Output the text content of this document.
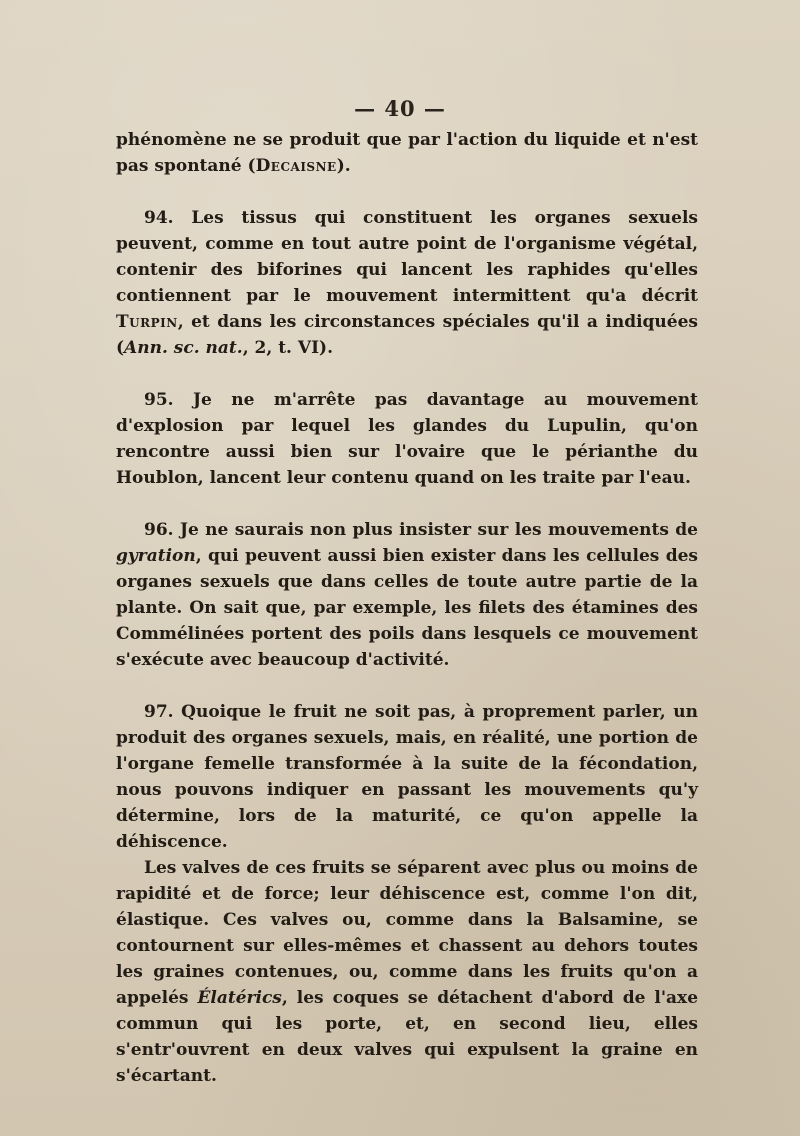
— 40 —

phénomène ne se produit que par l'action du liquide et n'est pas spontané (Decaisne).

94. Les tissus qui constituent les organes sexuels peuvent, comme en tout autre point de l'organisme végétal, contenir des biforines qui lancent les raphides qu'elles contiennent par le mouvement intermittent qu'a décrit Turpin, et dans les circonstances spéciales qu'il a indiquées (Ann. sc. nat., 2, t. VI).

95. Je ne m'arrête pas davantage au mouvement d'explosion par lequel les glandes du Lupulin, qu'on rencontre aussi bien sur l'ovaire que le périanthe du Houblon, lancent leur contenu quand on les traite par l'eau.

96. Je ne saurais non plus insister sur les mouvements de gyration, qui peuvent aussi bien exister dans les cellules des organes sexuels que dans celles de toute autre partie de la plante. On sait que, par exemple, les filets des étamines des Commélinées portent des poils dans lesquels ce mouvement s'exécute avec beaucoup d'activité.

97. Quoique le fruit ne soit pas, à proprement parler, un produit des organes sexuels, mais, en réalité, une portion de l'organe femelle transformée à la suite de la fécondation, nous pouvons indiquer en passant les mouvements qu'y détermine, lors de la maturité, ce qu'on appelle la déhiscence.

Les valves de ces fruits se séparent avec plus ou moins de rapidité et de force; leur déhiscence est, comme l'on dit, élastique. Ces valves ou, comme dans la Balsamine, se contournent sur elles-mêmes et chassent au dehors toutes les graines contenues, ou, comme dans les fruits qu'on a appelés Élatérics, les coques se détachent d'abord de l'axe commun qui les porte, et, en second lieu, elles s'entr'ouvrent en deux valves qui expulsent la graine en s'écartant.
